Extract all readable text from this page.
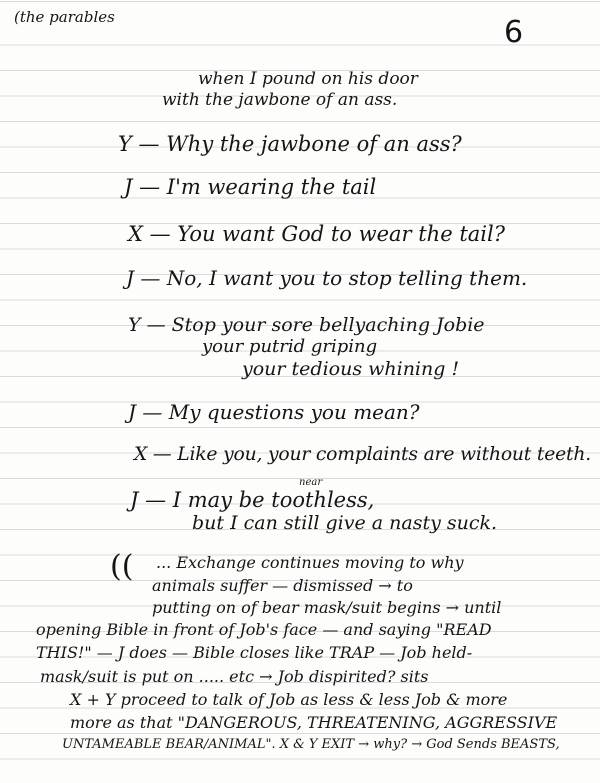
(the parables	6
when I pound on his door
with the jawbone of an ass.
Y — Why the jawbone of an ass?
J — I'm wearing the tail
X — You want God to wear the tail?
J — No, I want you to stop telling them.
Y — Stop your sore bellyaching Jobie
your putrid griping
your tedious whining !
J — My questions you mean?
X — Like you, your complaints are without teeth.
near
J — I may be toothless,
but I can still give a nasty suck.
(( ... Exchange continues moving to why
animals suffer — dismissed → to
putting on of bear mask/suit begins → until
opening Bible in front of Job's face — and saying "READ
THIS!" — J does — Bible closes like TRAP — Job held-
mask/suit is put on ..... etc → Job dispirited? sits
X + Y proceed to talk of Job as less & less Job & more
more as that "DANGEROUS, THREATENING, AGGRESSIVE
UNTAMEABLE BEAR/ANIMAL". X & Y EXIT → why? → God Sends BEASTS,
